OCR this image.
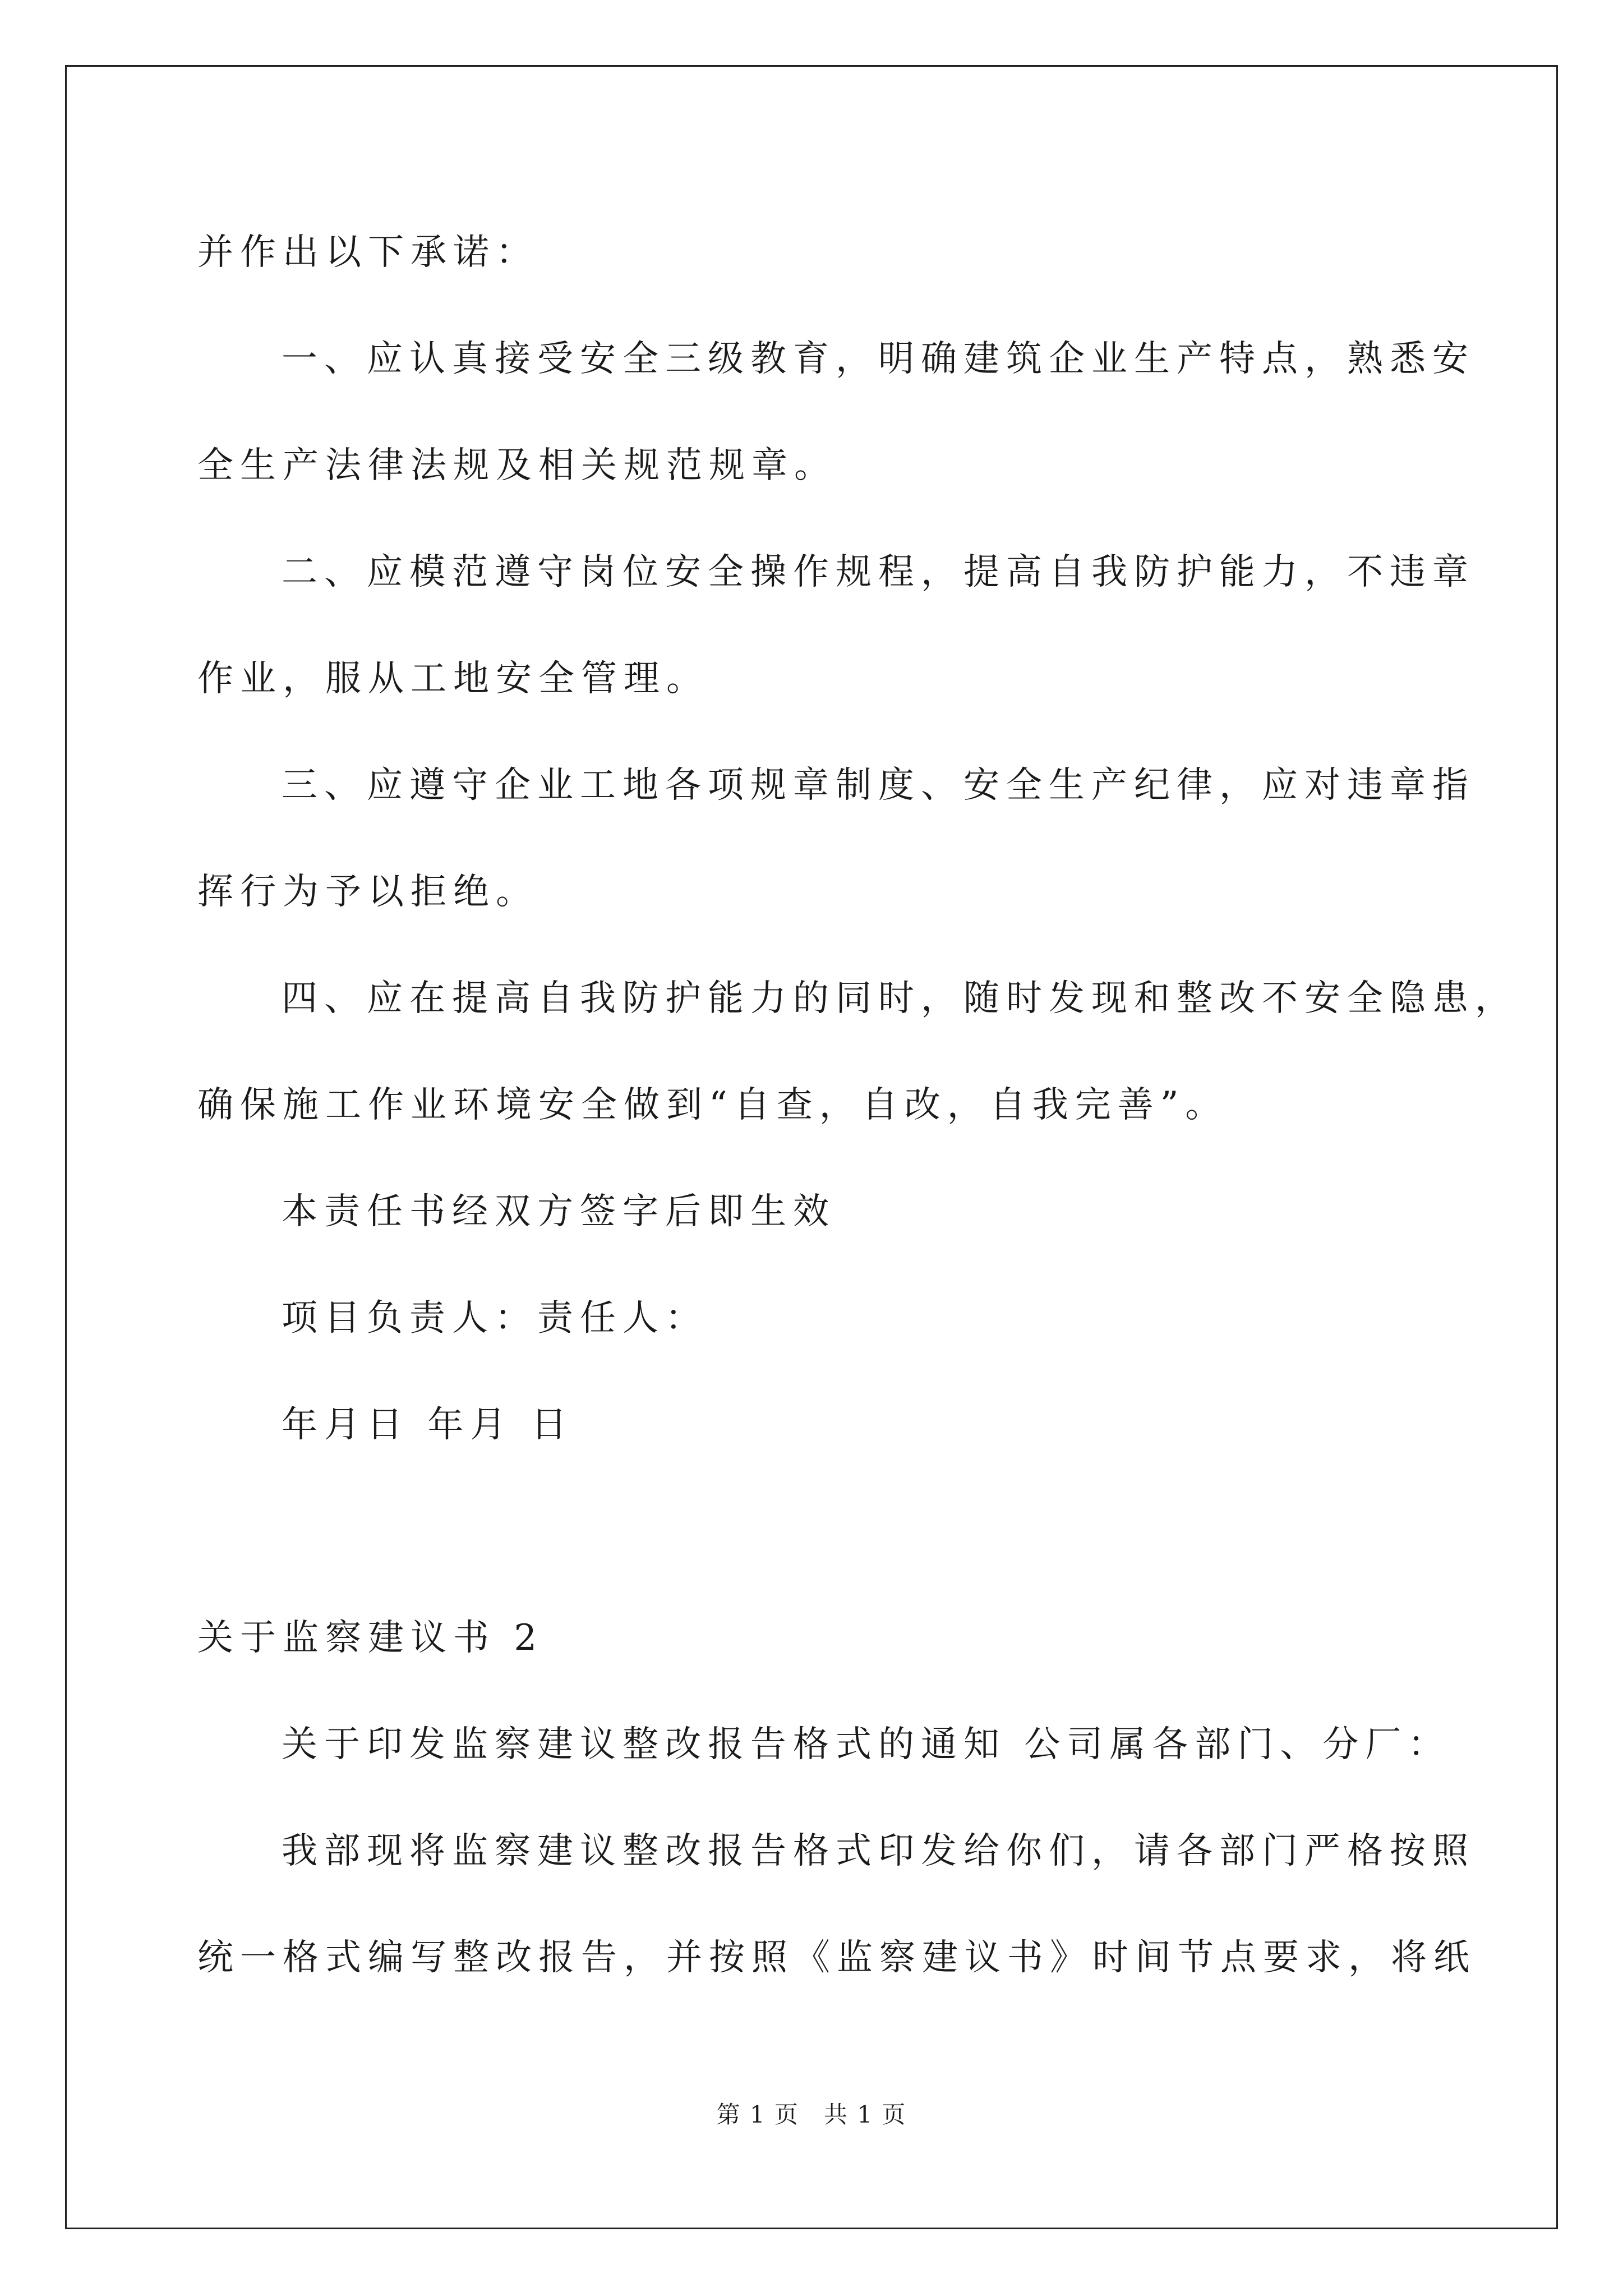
并作出以下承诺：
一、应认真接受安全三级教育，明确建筑企业生产特点，熟悉安
全生产法律法规及相关规范规章。
二、应模范遵守岗位安全操作规程，提高自我防护能力，不违章
作业，服从工地安全管理。
三、应遵守企业工地各项规章制度、安全生产纪律，应对违章指
挥行为予以拒绝。
四、应在提高自我防护能力的同时，随时发现和整改不安全隐患，
确保施工作业环境安全做到“自查，自改，自我完善”。
本责任书经双方签字后即生效
项目负责人：责任人：
年月日 年月 日
关于监察建议书 2
关于印发监察建议整改报告格式的通知 公司属各部门、分厂：
我部现将监察建议整改报告格式印发给你们，请各部门严格按照
统一格式编写整改报告，并按照《监察建议书》时间节点要求，将纸
第 1 页　共 1 页
